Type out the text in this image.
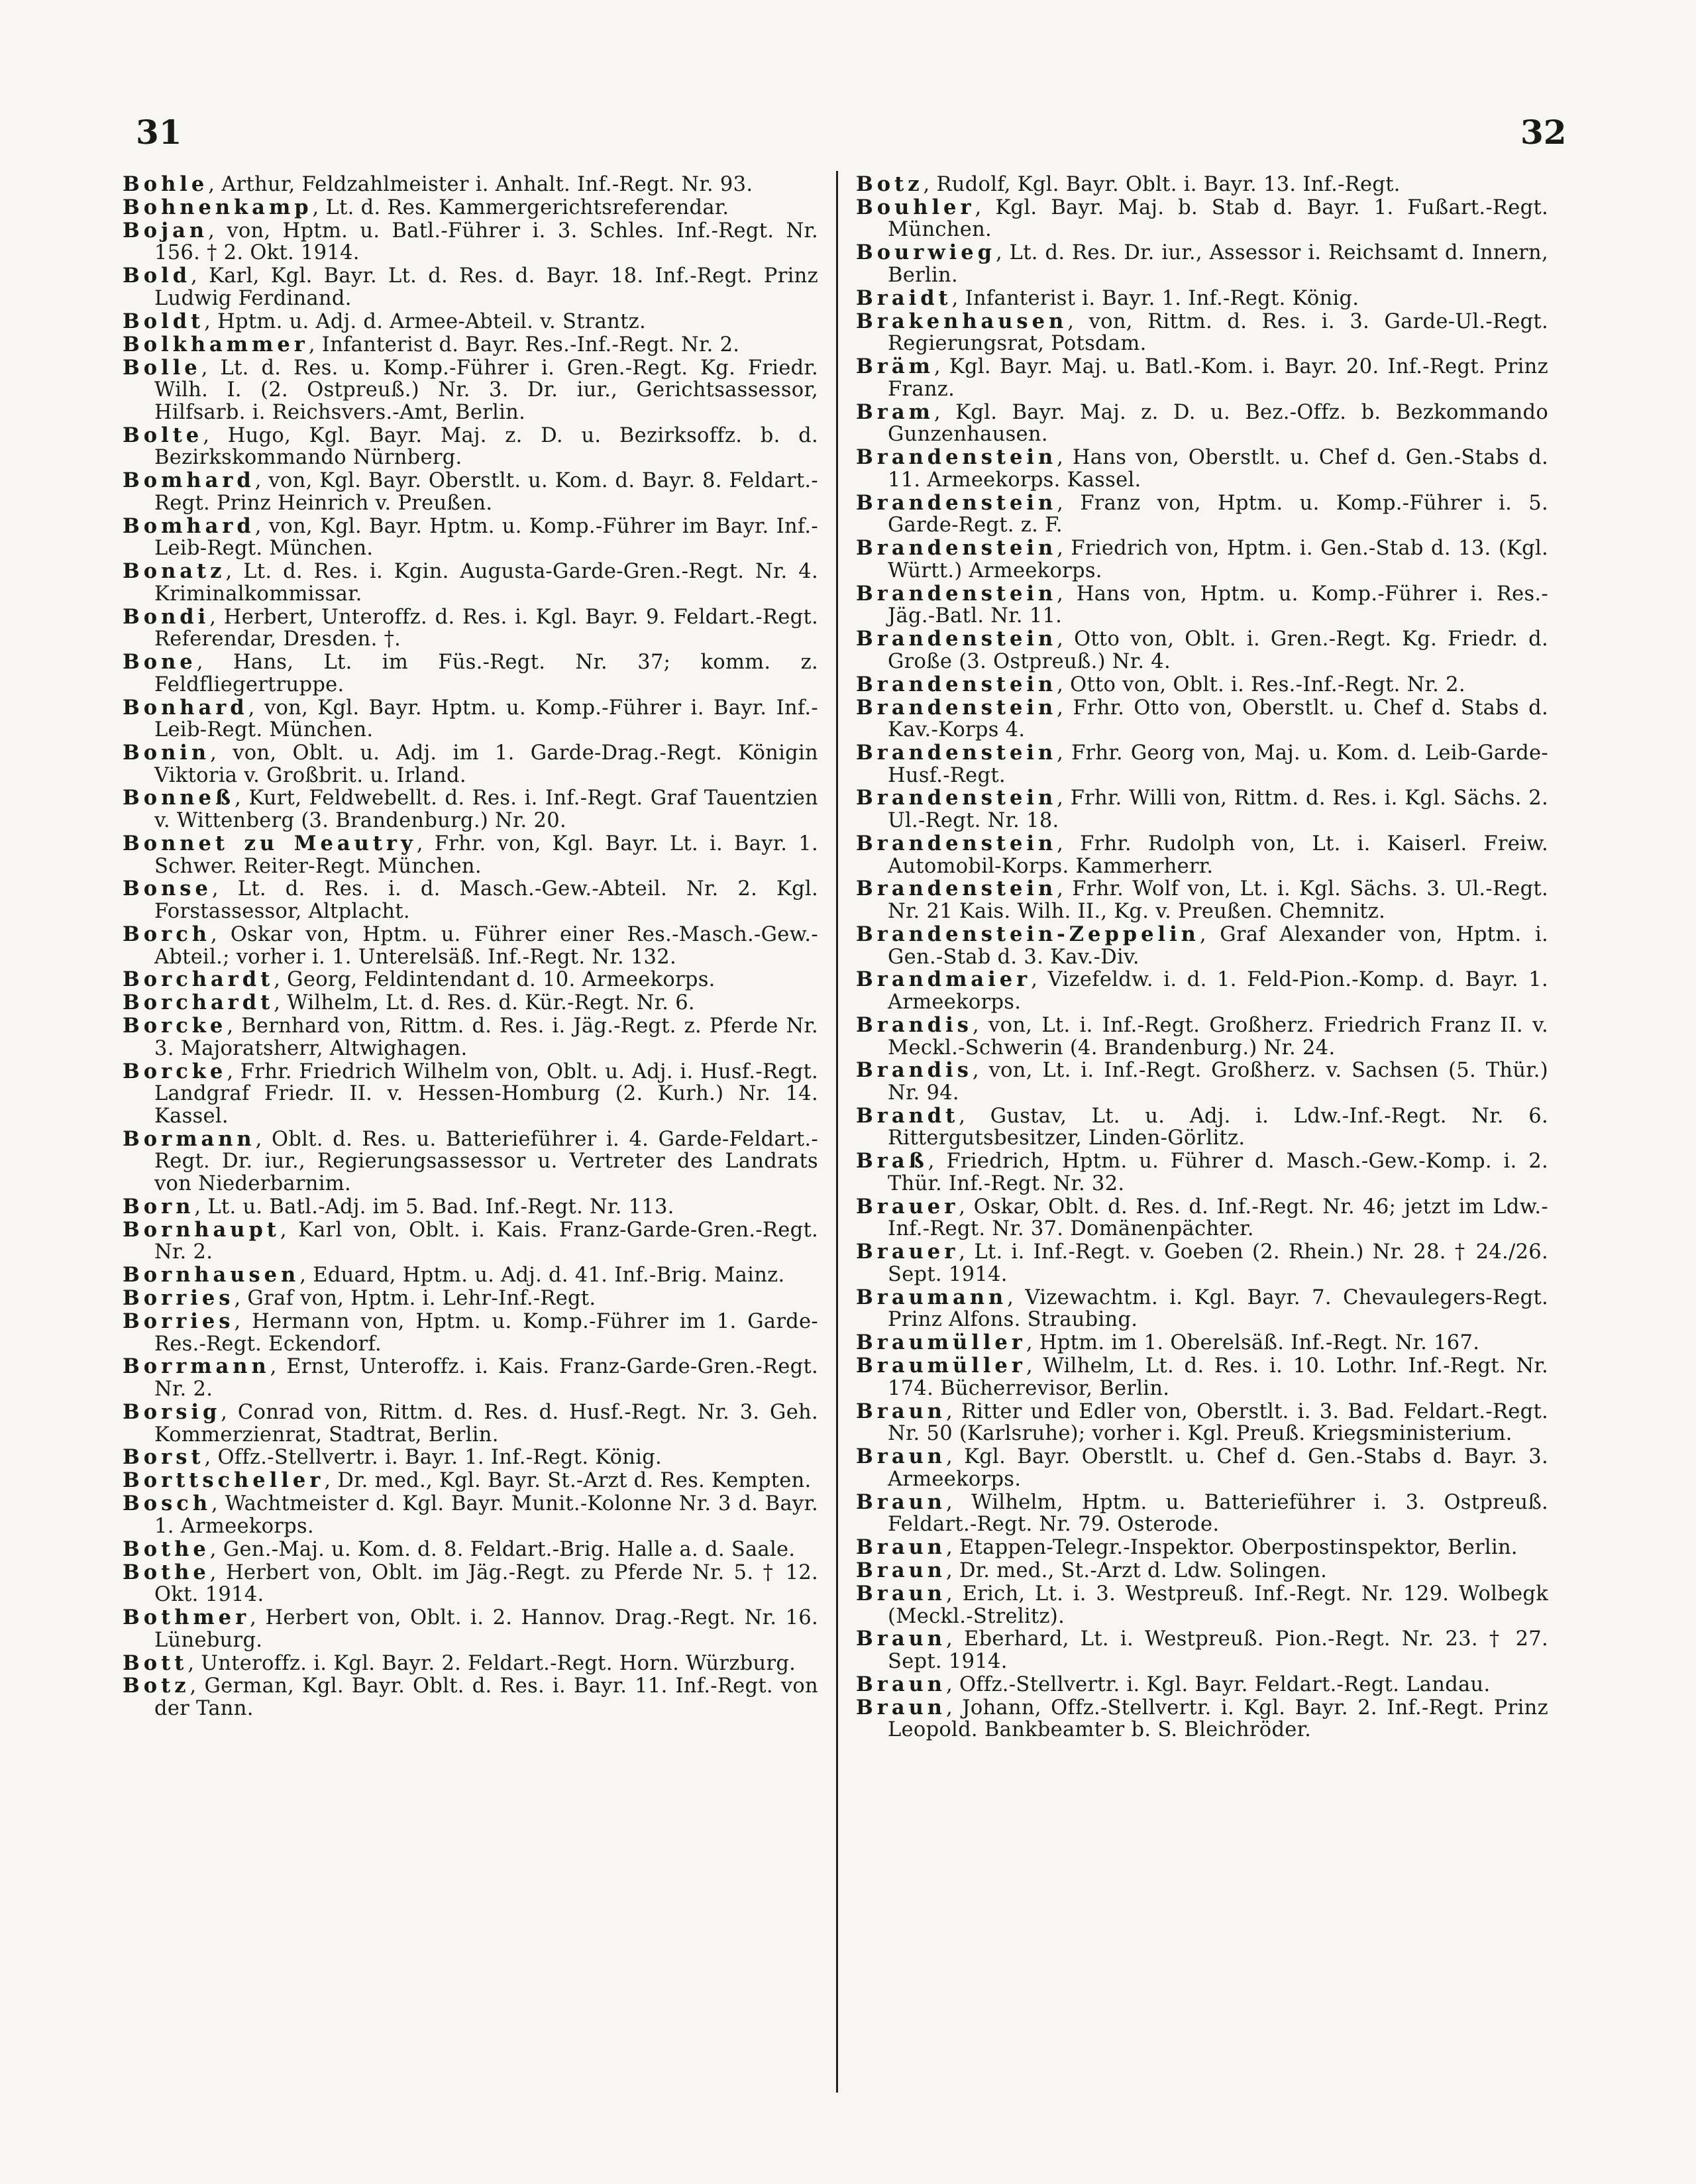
31	32
Bohle, Arthur, Feldzahlmeister i. Anhalt. Inf.-Regt. Nr. 93.
Bohnenkamp, Lt. d. Res. Kammergerichtsreferendar.
Bojan, von, Hptm. u. Batl.-Führer i. 3. Schles. Inf.-Regt. Nr. 156. † 2. Okt. 1914.
Bold, Karl, Kgl. Bayr. Lt. d. Res. d. Bayr. 18. Inf.-Regt. Prinz Ludwig Ferdinand.
Boldt, Hptm. u. Adj. d. Armee-Abteil. v. Strantz.
Bolkhammer, Infanterist d. Bayr. Res.-Inf.-Regt. Nr. 2.
Bolle, Lt. d. Res. u. Komp.-Führer i. Gren.-Regt. Kg. Friedr. Wilh. I. (2. Ostpreuß.) Nr. 3. Dr. iur., Gerichtsassessor, Hilfsarb. i. Reichsvers.-Amt, Berlin.
Bolte, Hugo, Kgl. Bayr. Maj. z. D. u. Bezirksoffz. b. d. Bezirkskommando Nürnberg.
Bomhard, von, Kgl. Bayr. Oberstlt. u. Kom. d. Bayr. 8. Feldart.-Regt. Prinz Heinrich v. Preußen.
Bomhard, von, Kgl. Bayr. Hptm. u. Komp.-Führer im Bayr. Inf.-Leib-Regt. München.
Bonatz, Lt. d. Res. i. Kgin. Augusta-Garde-Gren.-Regt. Nr. 4. Kriminalkommissar.
Bondi, Herbert, Unteroffz. d. Res. i. Kgl. Bayr. 9. Feldart.-Regt. Referendar, Dresden. †.
Bone, Hans, Lt. im Füs.-Regt. Nr. 37; komm. z. Feldfliegertruppe.
Bonhard, von, Kgl. Bayr. Hptm. u. Komp.-Führer i. Bayr. Inf.-Leib-Regt. München.
Bonin, von, Oblt. u. Adj. im 1. Garde-Drag.-Regt. Königin Viktoria v. Großbrit. u. Irland.
Bonneß, Kurt, Feldwebellt. d. Res. i. Inf.-Regt. Graf Tauentzien v. Wittenberg (3. Brandenburg.) Nr. 20.
Bonnet zu Meautry, Frhr. von, Kgl. Bayr. Lt. i. Bayr. 1. Schwer. Reiter-Regt. München.
Bonse, Lt. d. Res. i. d. Masch.-Gew.-Abteil. Nr. 2. Kgl. Forstassessor, Altplacht.
Borch, Oskar von, Hptm. u. Führer einer Res.-Masch.-Gew.-Abteil.; vorher i. 1. Unterelsäß. Inf.-Regt. Nr. 132.
Borchardt, Georg, Feldintendant d. 10. Armeekorps.
Borchardt, Wilhelm, Lt. d. Res. d. Kür.-Regt. Nr. 6.
Borcke, Bernhard von, Rittm. d. Res. i. Jäg.-Regt. z. Pferde Nr. 3. Majoratsherr, Altwighagen.
Borcke, Frhr. Friedrich Wilhelm von, Oblt. u. Adj. i. Husf.-Regt. Landgraf Friedr. II. v. Hessen-Homburg (2. Kurh.) Nr. 14. Kassel.
Bormann, Oblt. d. Res. u. Batterieführer i. 4. Garde-Feldart.-Regt. Dr. iur., Regierungsassessor u. Vertreter des Landrats von Niederbarnim.
Born, Lt. u. Batl.-Adj. im 5. Bad. Inf.-Regt. Nr. 113.
Bornhaupt, Karl von, Oblt. i. Kais. Franz-Garde-Gren.-Regt. Nr. 2.
Bornhausen, Eduard, Hptm. u. Adj. d. 41. Inf.-Brig. Mainz.
Borries, Graf von, Hptm. i. Lehr-Inf.-Regt.
Borries, Hermann von, Hptm. u. Komp.-Führer im 1. Garde-Res.-Regt. Eckendorf.
Borrmann, Ernst, Unteroffz. i. Kais. Franz-Garde-Gren.-Regt. Nr. 2.
Borsig, Conrad von, Rittm. d. Res. d. Husf.-Regt. Nr. 3. Geh. Kommerzienrat, Stadtrat, Berlin.
Borst, Offz.-Stellvertr. i. Bayr. 1. Inf.-Regt. König.
Borttscheller, Dr. med., Kgl. Bayr. St.-Arzt d. Res. Kempten.
Bosch, Wachtmeister d. Kgl. Bayr. Munit.-Kolonne Nr. 3 d. Bayr. 1. Armeekorps.
Bothe, Gen.-Maj. u. Kom. d. 8. Feldart.-Brig. Halle a. d. Saale.
Bothe, Herbert von, Oblt. im Jäg.-Regt. zu Pferde Nr. 5. † 12. Okt. 1914.
Bothmer, Herbert von, Oblt. i. 2. Hannov. Drag.-Regt. Nr. 16. Lüneburg.
Bott, Unteroffz. i. Kgl. Bayr. 2. Feldart.-Regt. Horn. Würzburg.
Botz, German, Kgl. Bayr. Oblt. d. Res. i. Bayr. 11. Inf.-Regt. von der Tann.
Botz, Rudolf, Kgl. Bayr. Oblt. i. Bayr. 13. Inf.-Regt.
Bouhler, Kgl. Bayr. Maj. b. Stab d. Bayr. 1. Fußart.-Regt. München.
Bourwieg, Lt. d. Res. Dr. iur., Assessor i. Reichsamt d. Innern, Berlin.
Braidt, Infanterist i. Bayr. 1. Inf.-Regt. König.
Brakenhausen, von, Rittm. d. Res. i. 3. Garde-Ul.-Regt. Regierungsrat, Potsdam.
Bräm, Kgl. Bayr. Maj. u. Batl.-Kom. i. Bayr. 20. Inf.-Regt. Prinz Franz.
Bram, Kgl. Bayr. Maj. z. D. u. Bez.-Offz. b. Bezkommando Gunzenhausen.
Brandenstein, Hans von, Oberstlt. u. Chef d. Gen.-Stabs d. 11. Armeekorps. Kassel.
Brandenstein, Franz von, Hptm. u. Komp.-Führer i. 5. Garde-Regt. z. F.
Brandenstein, Friedrich von, Hptm. i. Gen.-Stab d. 13. (Kgl. Württ.) Armeekorps.
Brandenstein, Hans von, Hptm. u. Komp.-Führer i. Res.-Jäg.-Batl. Nr. 11.
Brandenstein, Otto von, Oblt. i. Gren.-Regt. Kg. Friedr. d. Große (3. Ostpreuß.) Nr. 4.
Brandenstein, Otto von, Oblt. i. Res.-Inf.-Regt. Nr. 2.
Brandenstein, Frhr. Otto von, Oberstlt. u. Chef d. Stabs d. Kav.-Korps 4.
Brandenstein, Frhr. Georg von, Maj. u. Kom. d. Leib-Garde-Husf.-Regt.
Brandenstein, Frhr. Willi von, Rittm. d. Res. i. Kgl. Sächs. 2. Ul.-Regt. Nr. 18.
Brandenstein, Frhr. Rudolph von, Lt. i. Kaiserl. Freiw. Automobil-Korps. Kammerherr.
Brandenstein, Frhr. Wolf von, Lt. i. Kgl. Sächs. 3. Ul.-Regt. Nr. 21 Kais. Wilh. II., Kg. v. Preußen. Chemnitz.
Brandenstein-Zeppelin, Graf Alexander von, Hptm. i. Gen.-Stab d. 3. Kav.-Div.
Brandmaier, Vizefeldw. i. d. 1. Feld-Pion.-Komp. d. Bayr. 1. Armeekorps.
Brandis, von, Lt. i. Inf.-Regt. Großherz. Friedrich Franz II. v. Meckl.-Schwerin (4. Brandenburg.) Nr. 24.
Brandis, von, Lt. i. Inf.-Regt. Großherz. v. Sachsen (5. Thür.) Nr. 94.
Brandt, Gustav, Lt. u. Adj. i. Ldw.-Inf.-Regt. Nr. 6. Rittergutsbesitzer, Linden-Görlitz.
Braß, Friedrich, Hptm. u. Führer d. Masch.-Gew.-Komp. i. 2. Thür. Inf.-Regt. Nr. 32.
Brauer, Oskar, Oblt. d. Res. d. Inf.-Regt. Nr. 46; jetzt im Ldw.-Inf.-Regt. Nr. 37. Domänenpächter.
Brauer, Lt. i. Inf.-Regt. v. Goeben (2. Rhein.) Nr. 28. † 24./26. Sept. 1914.
Braumann, Vizewachtm. i. Kgl. Bayr. 7. Chevaulegers-Regt. Prinz Alfons. Straubing.
Braumüller, Hptm. im 1. Oberelsäß. Inf.-Regt. Nr. 167.
Braumüller, Wilhelm, Lt. d. Res. i. 10. Lothr. Inf.-Regt. Nr. 174. Bücherrevisor, Berlin.
Braun, Ritter und Edler von, Oberstlt. i. 3. Bad. Feldart.-Regt. Nr. 50 (Karlsruhe); vorher i. Kgl. Preuß. Kriegsministerium.
Braun, Kgl. Bayr. Oberstlt. u. Chef d. Gen.-Stabs d. Bayr. 3. Armeekorps.
Braun, Wilhelm, Hptm. u. Batterieführer i. 3. Ostpreuß. Feldart.-Regt. Nr. 79. Osterode.
Braun, Etappen-Telegr.-Inspektor. Oberpostinspektor, Berlin.
Braun, Dr. med., St.-Arzt d. Ldw. Solingen.
Braun, Erich, Lt. i. 3. Westpreuß. Inf.-Regt. Nr. 129. Wolbegk (Meckl.-Strelitz).
Braun, Eberhard, Lt. i. Westpreuß. Pion.-Regt. Nr. 23. † 27. Sept. 1914.
Braun, Offz.-Stellvertr. i. Kgl. Bayr. Feldart.-Regt. Landau.
Braun, Johann, Offz.-Stellvertr. i. Kgl. Bayr. 2. Inf.-Regt. Prinz Leopold. Bankbeamter b. S. Bleichröder.
